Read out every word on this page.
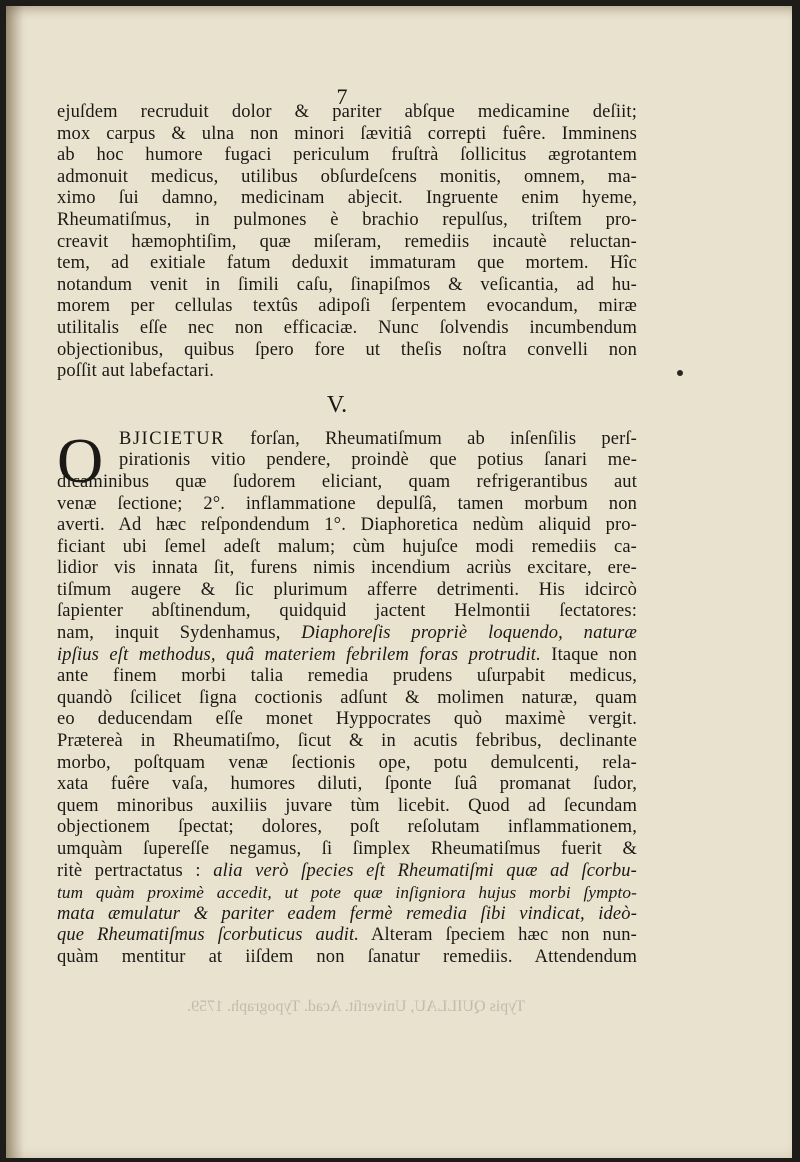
7
ejuſdem recruduit dolor & pariter abſque medicamine deſiit;
mox carpus & ulna non minori ſævitiâ correpti fuêre. Imminens
ab hoc humore fugaci periculum fruſtrà ſollicitus ægrotantem
admonuit medicus, utilibus obſurdeſcens monitis, omnem, ma-
ximo ſui damno, medicinam abjecit. Ingruente enim hyeme,
Rheumatiſmus, in pulmones è brachio repulſus, triſtem pro-
creavit hæmophtiſim, quæ miſeram, remediis incautè reluctan-
tem, ad exitiale fatum deduxit immaturam que mortem. Hîc
notandum venit in ſimili caſu, ſinapiſmos & veſicantia, ad hu-
morem per cellulas textûs adipoſi ſerpentem evocandum, miræ
utilitalis eſſe nec non efficaciæ. Nunc ſolvendis incumbendum
objectionibus, quibus ſpero fore ut theſis noſtra convelli non
poſſit aut labefactari.
V.
O BJICIETUR forſan, Rheumatiſmum ab inſenſilis perſ-
pirationis vitio pendere, proindè que potius ſanari me-
dicaminibus quæ ſudorem eliciant, quam refrigerantibus aut
venæ ſectione; 2°. inflammatione depulſâ, tamen morbum non
averti. Ad hæc reſpondendum 1°. Diaphoretica nedùm aliquid pro-
ficiant ubi ſemel adeſt malum; cùm hujuſce modi remediis ca-
lidior vis innata ſit, furens nimis incendium acriùs excitare, ere-
tiſmum augere & ſic plurimum afferre detrimenti. His idcircò
ſapienter abſtinendum, quidquid jactent Helmontii ſectatores:
nam, inquit Sydenhamus, Diaphoreſis propriè loquendo, naturæ
ipſius eſt methodus, quâ materiem febrilem foras protrudit. Itaque non
ante finem morbi talia remedia prudens uſurpabit medicus,
quandò ſcilicet ſigna coctionis adſunt & molimen naturæ, quam
eo deducendam eſſe monet Hyppocrates quò maximè vergit.
Prætereà in Rheumatiſmo, ſicut & in acutis febribus, declinante
morbo, poſtquam venæ ſectionis ope, potu demulcenti, rela-
xata fuêre vaſa, humores diluti, ſponte ſuâ promanat ſudor,
quem minoribus auxiliis juvare tùm licebit. Quod ad ſecundam
objectionem ſpectat; dolores, poſt reſolutam inflammationem,
umquàm ſupereſſe negamus, ſi ſimplex Rheumatiſmus fuerit &
ritè pertractatus : alia verò ſpecies eſt Rheumatiſmi quæ ad ſcorbu-
tum quàm proximè accedit, ut pote quæ inſigniora hujus morbi ſympto-
mata æmulatur & pariter eadem fermè remedia ſibi vindicat, ideò-
que Rheumatiſmus ſcorbuticus audit. Alteram ſpeciem hæc non nun-
quàm mentitur at iiſdem non ſanatur remediis. Attendendum
Typis QUILLAU, Univerſit. Acad. Typograph. 1759.
